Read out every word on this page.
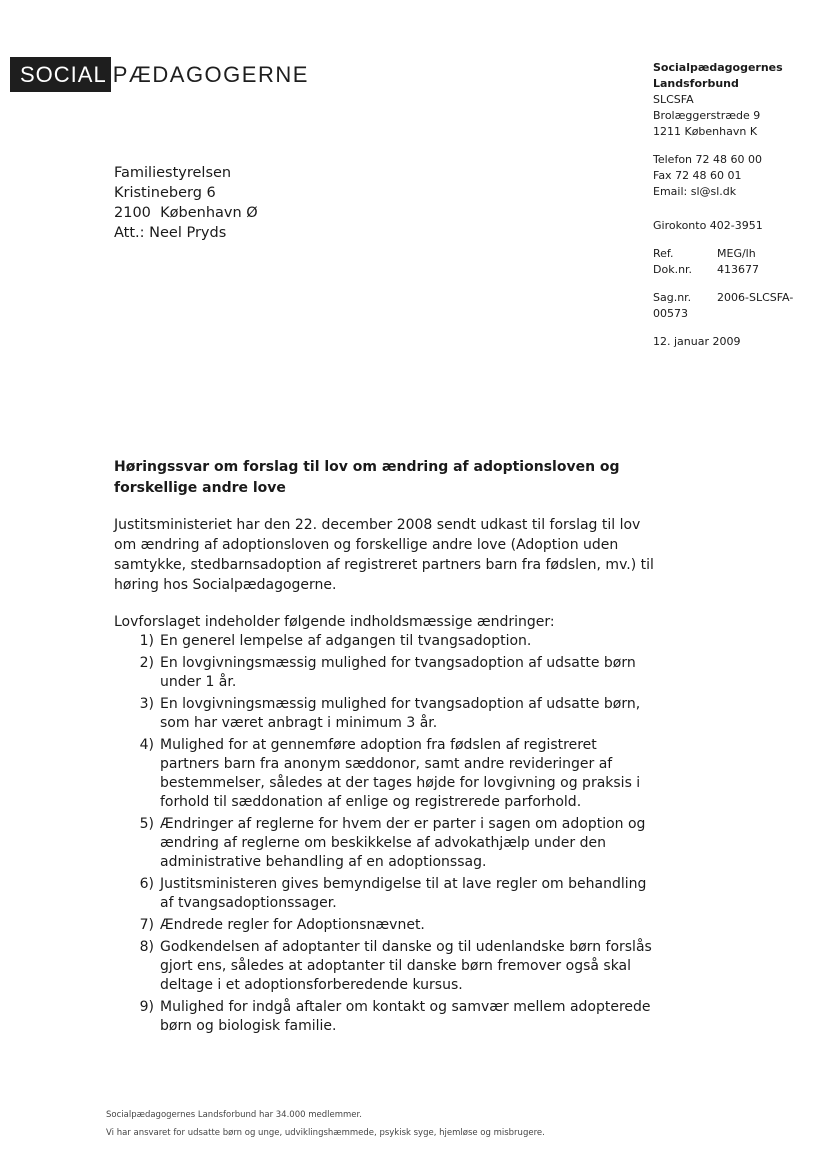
SOCIAL PÆDAGOGERNE	Socialpædagogernes
Landsforbund
SLCSFA
Brolæggerstræde 9
1211 København K
Telefon 72 48 60 00
Fax 72 48 60 01
Email: sl@sl.dk
Girokonto 402-3951
Ref.	MEG/lh
Dok.nr.	413677
Sag.nr.	2006-SLCSFA-
00573
12. januar 2009
Familiestyrelsen
Kristineberg 6
2100  København Ø
Att.: Neel Pryds
Høringssvar om forslag til lov om ændring af adoptionsloven og forskellige andre love
Justitsministeriet har den 22. december 2008 sendt udkast til forslag til lov om ændring af adoptionsloven og forskellige andre love (Adoption uden samtykke, stedbarnsadoption af registreret partners barn fra fødslen, mv.) til høring hos Socialpædagogerne.
Lovforslaget indeholder følgende indholdsmæssige ændringer:
1) En generel lempelse af adgangen til tvangsadoption.
2) En lovgivningsmæssig mulighed for tvangsadoption af udsatte børn under 1 år.
3) En lovgivningsmæssig mulighed for tvangsadoption af udsatte børn, som har været anbragt i minimum 3 år.
4) Mulighed for at gennemføre adoption fra fødslen af registreret partners barn fra anonym sæddonor, samt andre revideringer af bestemmelser, således at der tages højde for lovgivning og praksis i forhold til sæddonation af enlige og registrerede parforhold.
5) Ændringer af reglerne for hvem der er parter i sagen om adoption og ændring af reglerne om beskikkelse af advokathjælp under den administrative behandling af en adoptionssag.
6) Justitsministeren gives bemyndigelse til at lave regler om behandling af tvangsadoptionssager.
7) Ændrede regler for Adoptionsnævnet.
8) Godkendelsen af adoptanter til danske og til udenlandske børn forslås gjort ens, således at adoptanter til danske børn fremover også skal deltage i et adoptionsforberedende kursus.
9) Mulighed for indgå aftaler om kontakt og samvær mellem adopterede børn og biologisk familie.
Socialpædagogernes Landsforbund har 34.000 medlemmer.
Vi har ansvaret for udsatte børn og unge, udviklingshæmmede, psykisk syge, hjemløse og misbrugere.
